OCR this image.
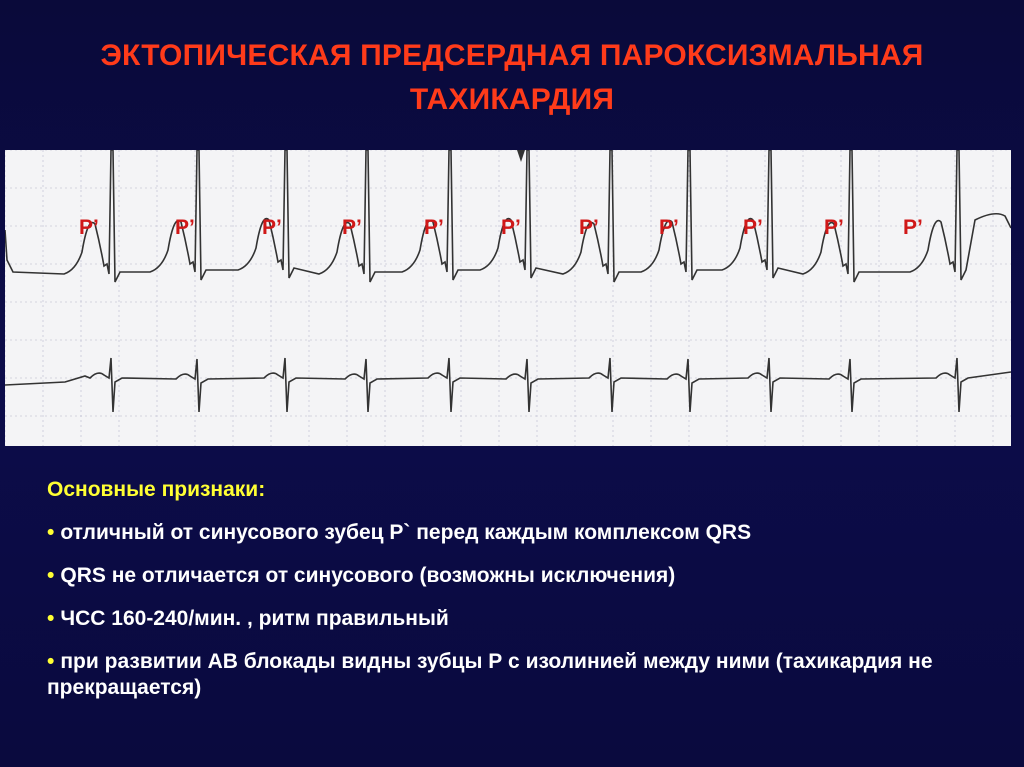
ЭКТОПИЧЕСКАЯ ПРЕДСЕРДНАЯ ПАРОКСИЗМАЛЬНАЯ
ТАХИКАРДИЯ
P’	P’	P’	P’	P’	P’	P’	P’	P’	P’	P’
Основные признаки:
• отличный от синусового зубец P` перед каждым комплексом QRS
• QRS не отличается от синусового (возможны исключения)
• ЧСС 160-240/мин. , ритм правильный
• при развитии АВ блокады видны зубцы Р с изолинией между ними (тахикардия не прекращается)
